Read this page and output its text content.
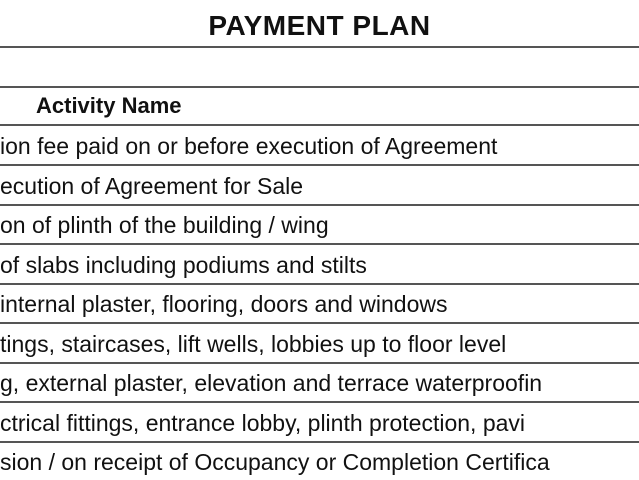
PAYMENT PLAN
Activity Name
ion fee paid on or before execution of Agreement
ecution of Agreement for Sale
on of plinth of the building / wing
of slabs including podiums and stilts
internal plaster, flooring, doors and windows
tings, staircases, lift wells, lobbies up to floor level
g, external plaster, elevation and terrace waterproofin
ctrical fittings, entrance lobby, plinth protection, pavi
sion / on receipt of Occupancy or Completion Certifica
